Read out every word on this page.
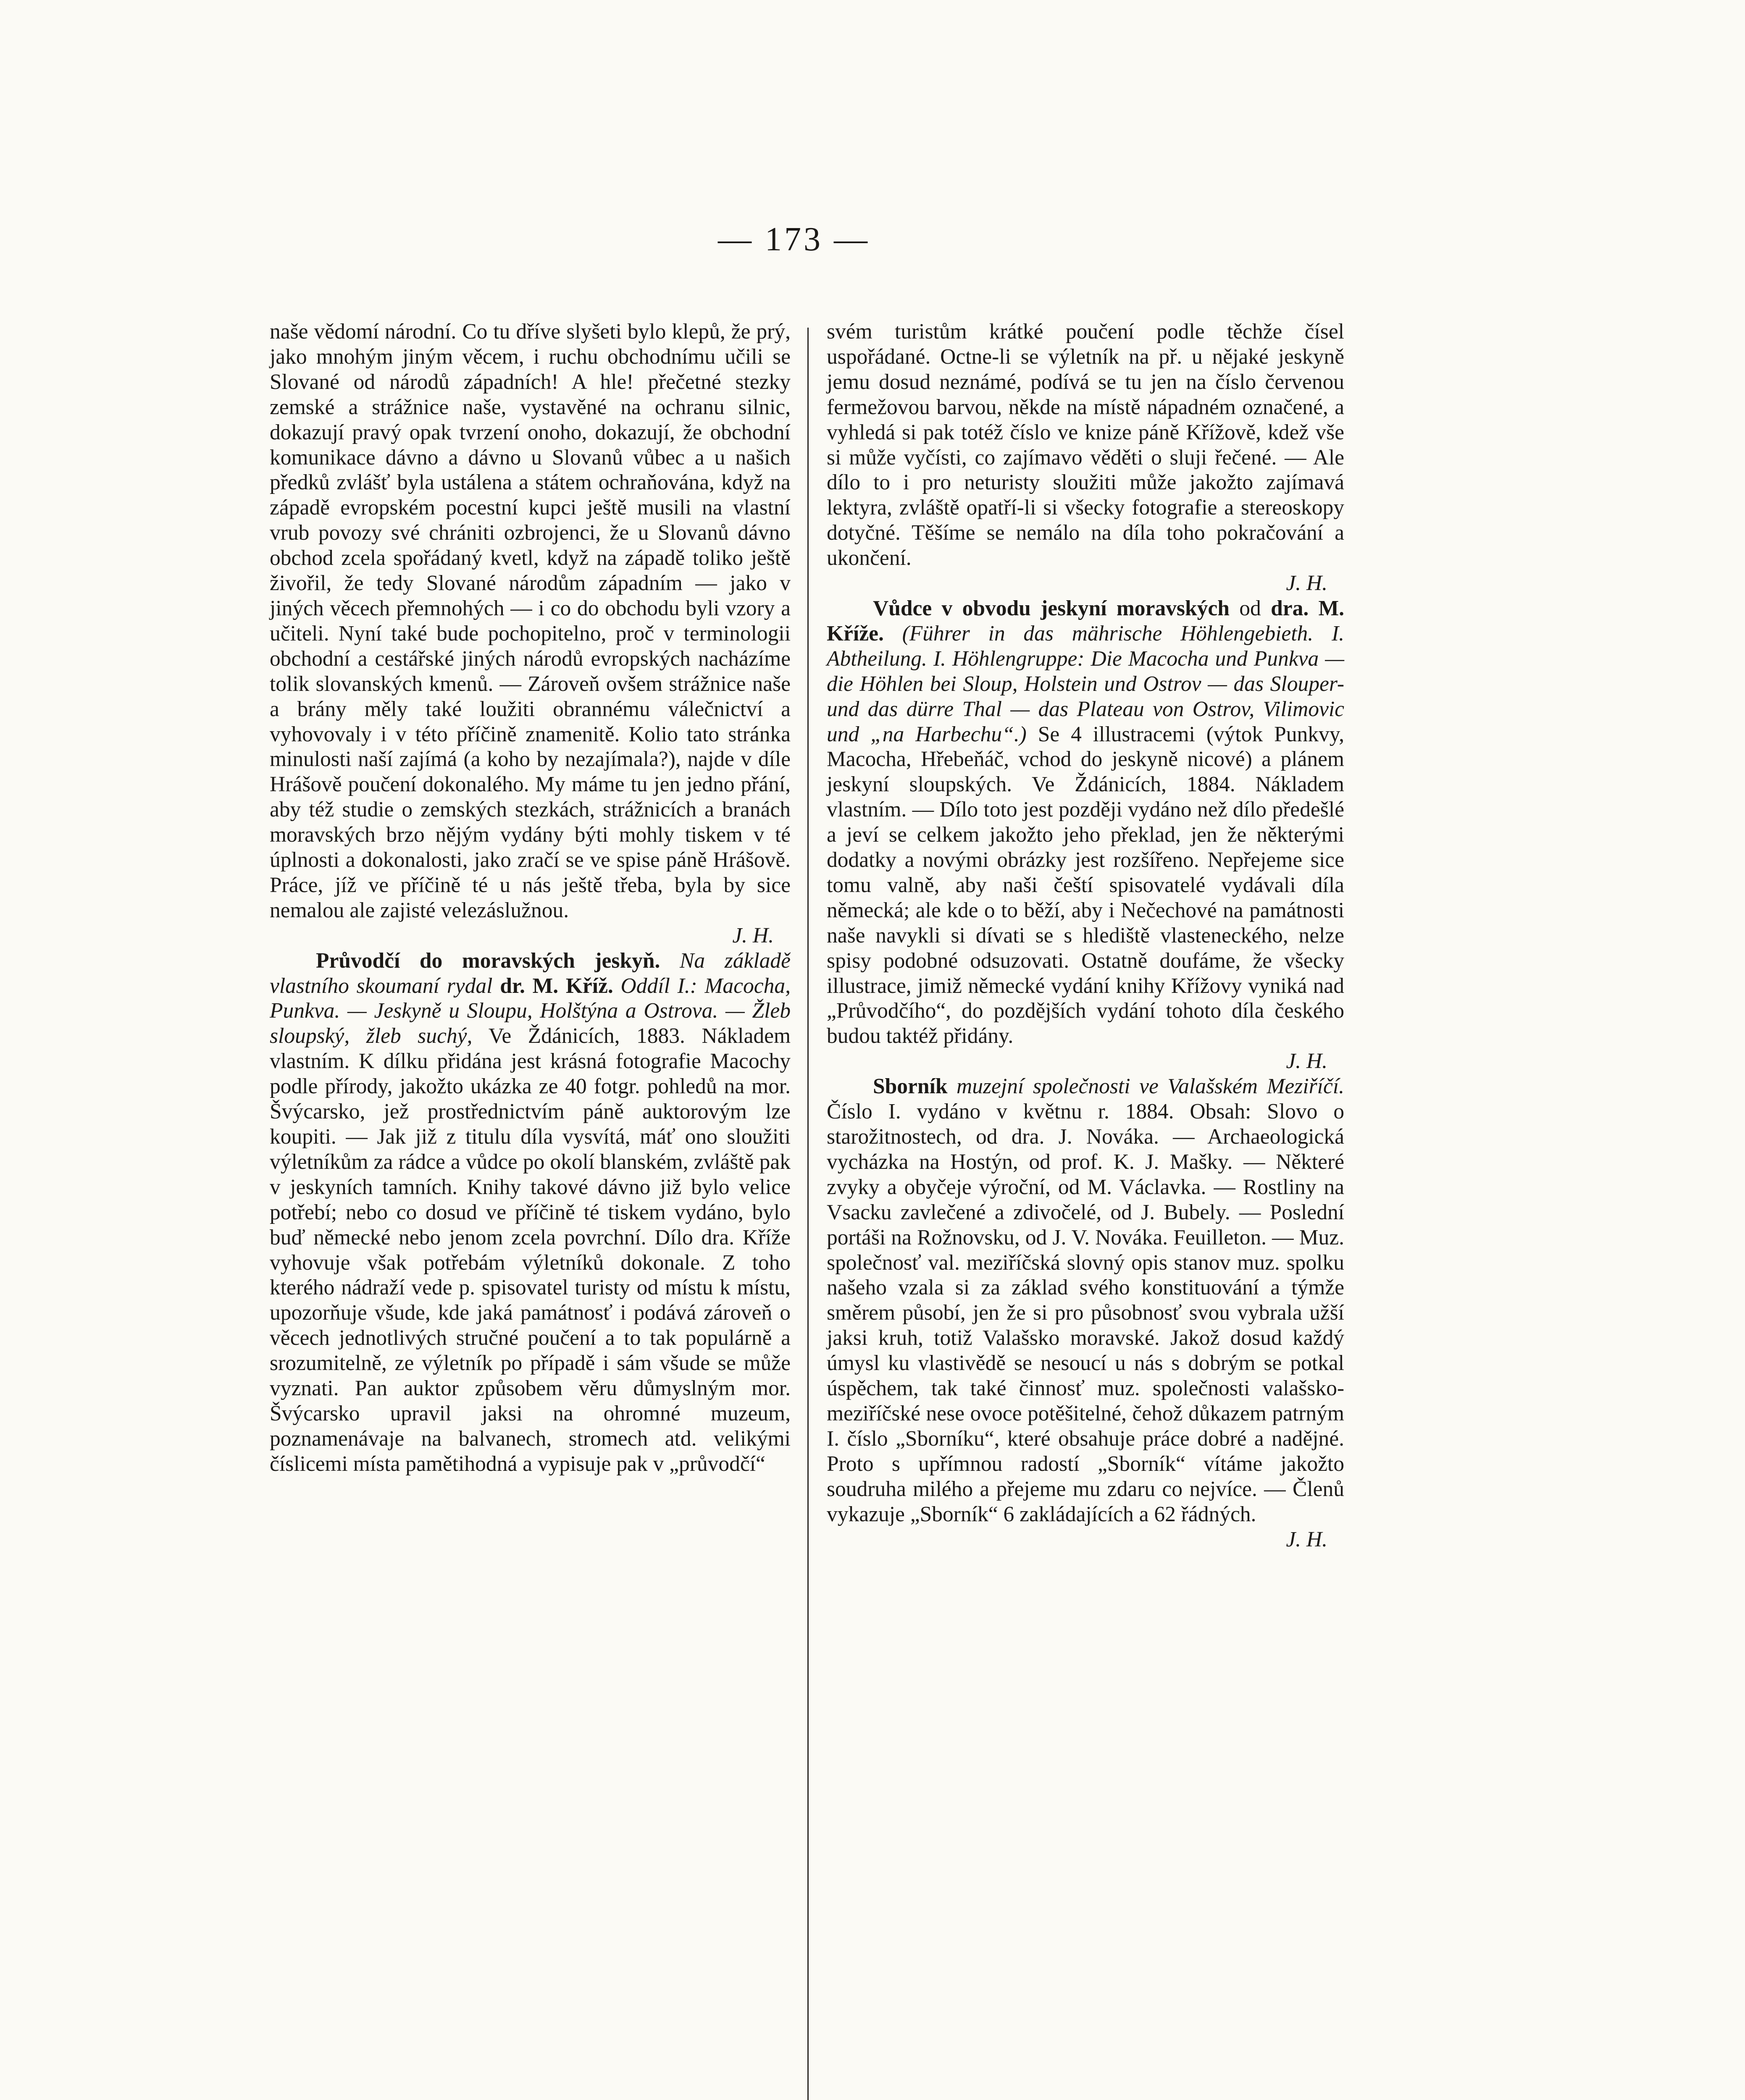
— 173 —

naše vědomí národní. Co tu dříve slyšeti bylo klepů, že prý, jako mnohým jiným věcem, i ruchu obchodnímu učili se Slované od národů západních! A hle! přečetné stezky zemské a strážnice naše, vystavěné na ochranu silnic, dokazují pravý opak tvrzení onoho, dokazují, že obchodní komunikace dávno a dávno u Slovanů vůbec a u našich předků zvlášť byla ustálena a státem ochraňována, když na západě evropském pocestní kupci ještě musili na vlastní vrub povozy své chrániti ozbrojenci, že u Slovanů dávno obchod zcela spořádaný kvetl, když na západě toliko ještě živořil, že tedy Slované národům západním — jako v jiných věcech přemnohých — i co do obchodu byli vzory a učiteli. Nyní také bude pochopitelno, proč v terminologii obchodní a cestářské jiných národů evropských nacházíme tolik slovanských kmenů. — Zároveň ovšem strážnice naše a brány měly také loužiti obrannému válečnictví a vyhovovaly i v této příčině znamenitě. Kolio tato stránka minulosti naší zajímá (a koho by nezajímala?), najde v díle Hrášově poučení dokonalého. My máme tu jen jedno přání, aby též studie o zemských stezkách, strážnicích a branách moravských brzo nějým vydány býti mohly tiskem v té úplnosti a dokonalosti, jako zračí se ve spise páně Hrášově. Práce, jíž ve příčině té u nás ještě třeba, byla by sice nemalou ale zajisté velezáslužnou.
J. H.

Průvodčí do moravských jeskyň. Na základě vlastního skoumaní rydal dr. M. Kříž. Oddíl I.: Macocha, Punkva. — Jeskyně u Sloupu, Holštýna a Ostrova. — Žleb sloupský, žleb suchý, Ve Ždánicích, 1883. Nákladem vlastním. K dílku přidána jest krásná fotografie Macochy podle přírody, jakožto ukázka ze 40 fotgr. pohledů na mor. Švýcarsko, jež prostřednictvím páně auktorovým lze koupiti. — Jak již z titulu díla vysvítá, máť ono sloužiti výletníkům za rádce a vůdce po okolí blanském, zvláště pak v jeskyních tamních. Knihy takové dávno již bylo velice potřebí; nebo co dosud ve příčině té tiskem vydáno, bylo buď německé nebo jenom zcela povrchní. Dílo dra. Kříže vyhovuje však potřebám výletníků dokonale. Z toho kterého nádraží vede p. spisovatel turisty od místu k místu, upozorňuje všude, kde jaká památnosť i podává zároveň o věcech jednotlivých stručné poučení a to tak populárně a srozumitelně, ze výletník po případě i sám všude se může vyznati. Pan auktor způsobem věru důmyslným mor. Švýcarsko upravil jaksi na ohromné muzeum, poznamenávaje na balvanech, stromech atd. velikými číslicemi místa pamětihodná a vypisuje pak v „průvodčí“

svém turistům krátké poučení podle těchže čísel uspořádané. Octne-li se výletník na př. u nějaké jeskyně jemu dosud neznámé, podívá se tu jen na číslo červenou fermežovou barvou, někde na místě nápadném označené, a vyhledá si pak totéž číslo ve knize páně Křížově, kdež vše si může vyčísti, co zajímavo věděti o sluji řečené. — Ale dílo to i pro neturisty sloužiti může jakožto zajímavá lektyra, zvláště opatří-li si všecky fotografie a stereoskopy dotyčné. Těšíme se nemálo na díla toho pokračování a ukončení.
J. H.

Vůdce v obvodu jeskyní moravských od dra. M. Kříže. (Führer in das mährische Höhlengebieth. I. Abtheilung. I. Höhlengruppe: Die Macocha und Punkva — die Höhlen bei Sloup, Holstein und Ostrov — das Slouper- und das dürre Thal — das Plateau von Ostrov, Vilimovic und „na Harbechu“.) Se 4 illustracemi (výtok Punkvy, Macocha, Hřebeňáč, vchod do jeskyně nicové) a plánem jeskyní sloupských. Ve Ždánicích, 1884. Nákladem vlastním. — Dílo toto jest později vydáno než dílo předešlé a jeví se celkem jakožto jeho překlad, jen že některými dodatky a novými obrázky jest rozšířeno. Nepřejeme sice tomu valně, aby naši čeští spisovatelé vydávali díla německá; ale kde o to běží, aby i Nečechové na památnosti naše navykli si dívati se s hlediště vlasteneckého, nelze spisy podobné odsuzovati. Ostatně doufáme, že všecky illustrace, jimiž německé vydání knihy Křížovy vyniká nad „Průvodčího“, do pozdějších vydání tohoto díla českého budou taktéž přidány.
J. H.

Sborník muzejní společnosti ve Valašském Meziříčí. Číslo I. vydáno v květnu r. 1884. Obsah: Slovo o starožitnostech, od dra. J. Nováka. — Archaeologická vycházka na Hostýn, od prof. K. J. Mašky. — Některé zvyky a obyčeje výroční, od M. Václavka. — Rostliny na Vsacku zavlečené a zdivočelé, od J. Bubely. — Poslední portáši na Rožnovsku, od J. V. Nováka. Feuilleton. — Muz. společnosť val. meziříčská slovný opis stanov muz. spolku našeho vzala si za základ svého konstituování a týmže směrem působí, jen že si pro působnosť svou vybrala užší jaksi kruh, totiž Valašsko moravské. Jakož dosud každý úmysl ku vlastivědě se nesoucí u nás s dobrým se potkal úspěchem, tak také činnosť muz. společnosti valašsko-meziříčské nese ovoce potěšitelné, čehož důkazem patrným I. číslo „Sborníku“, které obsahuje práce dobré a nadějné. Proto s upřímnou radostí „Sborník“ vítáme jakožto soudruha milého a přejeme mu zdaru co nejvíce. — Členů vykazuje „Sborník“ 6 zakládajících a 62 řádných.
J. H.
